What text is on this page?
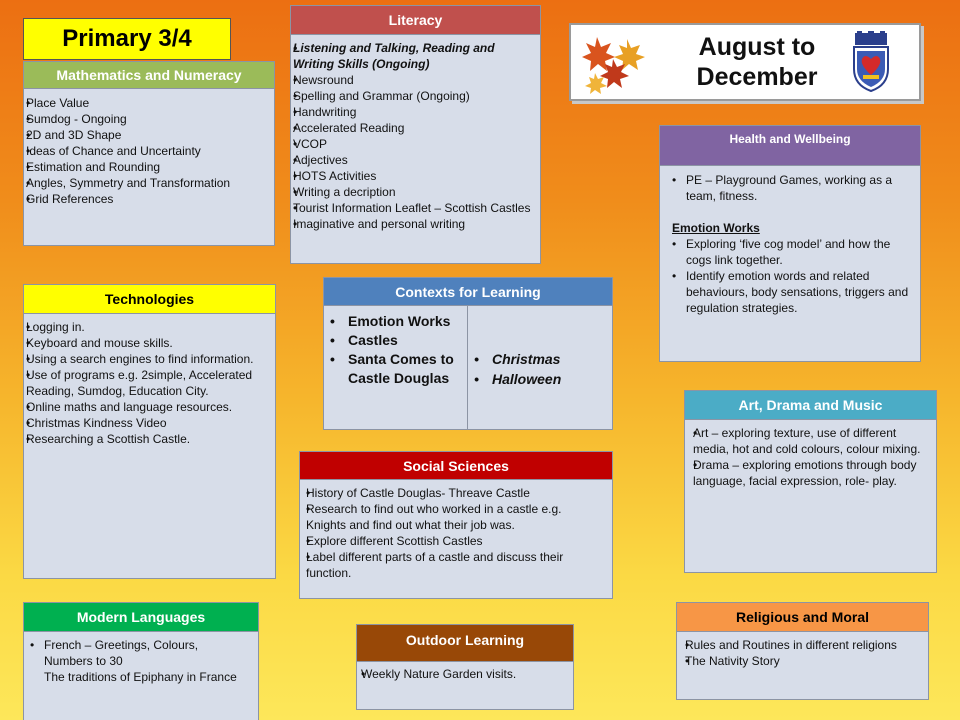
Primary 3/4	August to
December
Mathematics and Numeracy
• Place Value
• Sumdog - Ongoing
• 2D and 3D Shape
• Ideas of Chance and Uncertainty
• Estimation and Rounding
• Angles, Symmetry and Transformation
• Grid References
Literacy
• Listening and Talking, Reading and Writing Skills (Ongoing)
• Newsround
• Spelling and Grammar (Ongoing)
• Handwriting
• Accelerated Reading
• VCOP
• Adjectives
• HOTS Activities
• Writing a decription
• Tourist Information Leaflet – Scottish Castles
• Imaginative and personal writing
Health and Wellbeing
• PE – Playground Games, working as a team, fitness.
Emotion Works
• Exploring ‘five cog model’ and how the cogs link together.
• Identify emotion words and related behaviours, body sensations, triggers and regulation strategies.
Technologies
• Logging in.
• Keyboard and mouse skills.
• Using a search engines to find information.
• Use of programs e.g. 2simple, Accelerated Reading, Sumdog, Education City.
• Online maths and language resources.
• Christmas Kindness Video
• Researching a Scottish Castle.
Contexts for Learning
• Emotion Works
• Castles
• Santa Comes to Castle Douglas
• Christmas
• Halloween
Art, Drama and Music
• Art – exploring texture, use of different media, hot and cold colours, colour mixing.
• Drama – exploring emotions through body language, facial expression, role- play.
Social Sciences
• History of Castle Douglas- Threave Castle
• Research to find out who worked in a castle e.g. Knights and find out what their job was.
• Explore different Scottish Castles
• Label different parts of a castle and discuss their function.
Modern Languages
• French – Greetings, Colours, Numbers to 30

The traditions of Epiphany in France

Outdoor Learning
• Weekly Nature Garden visits.
Religious and Moral
• Rules and Routines in different religions
• The Nativity Story
